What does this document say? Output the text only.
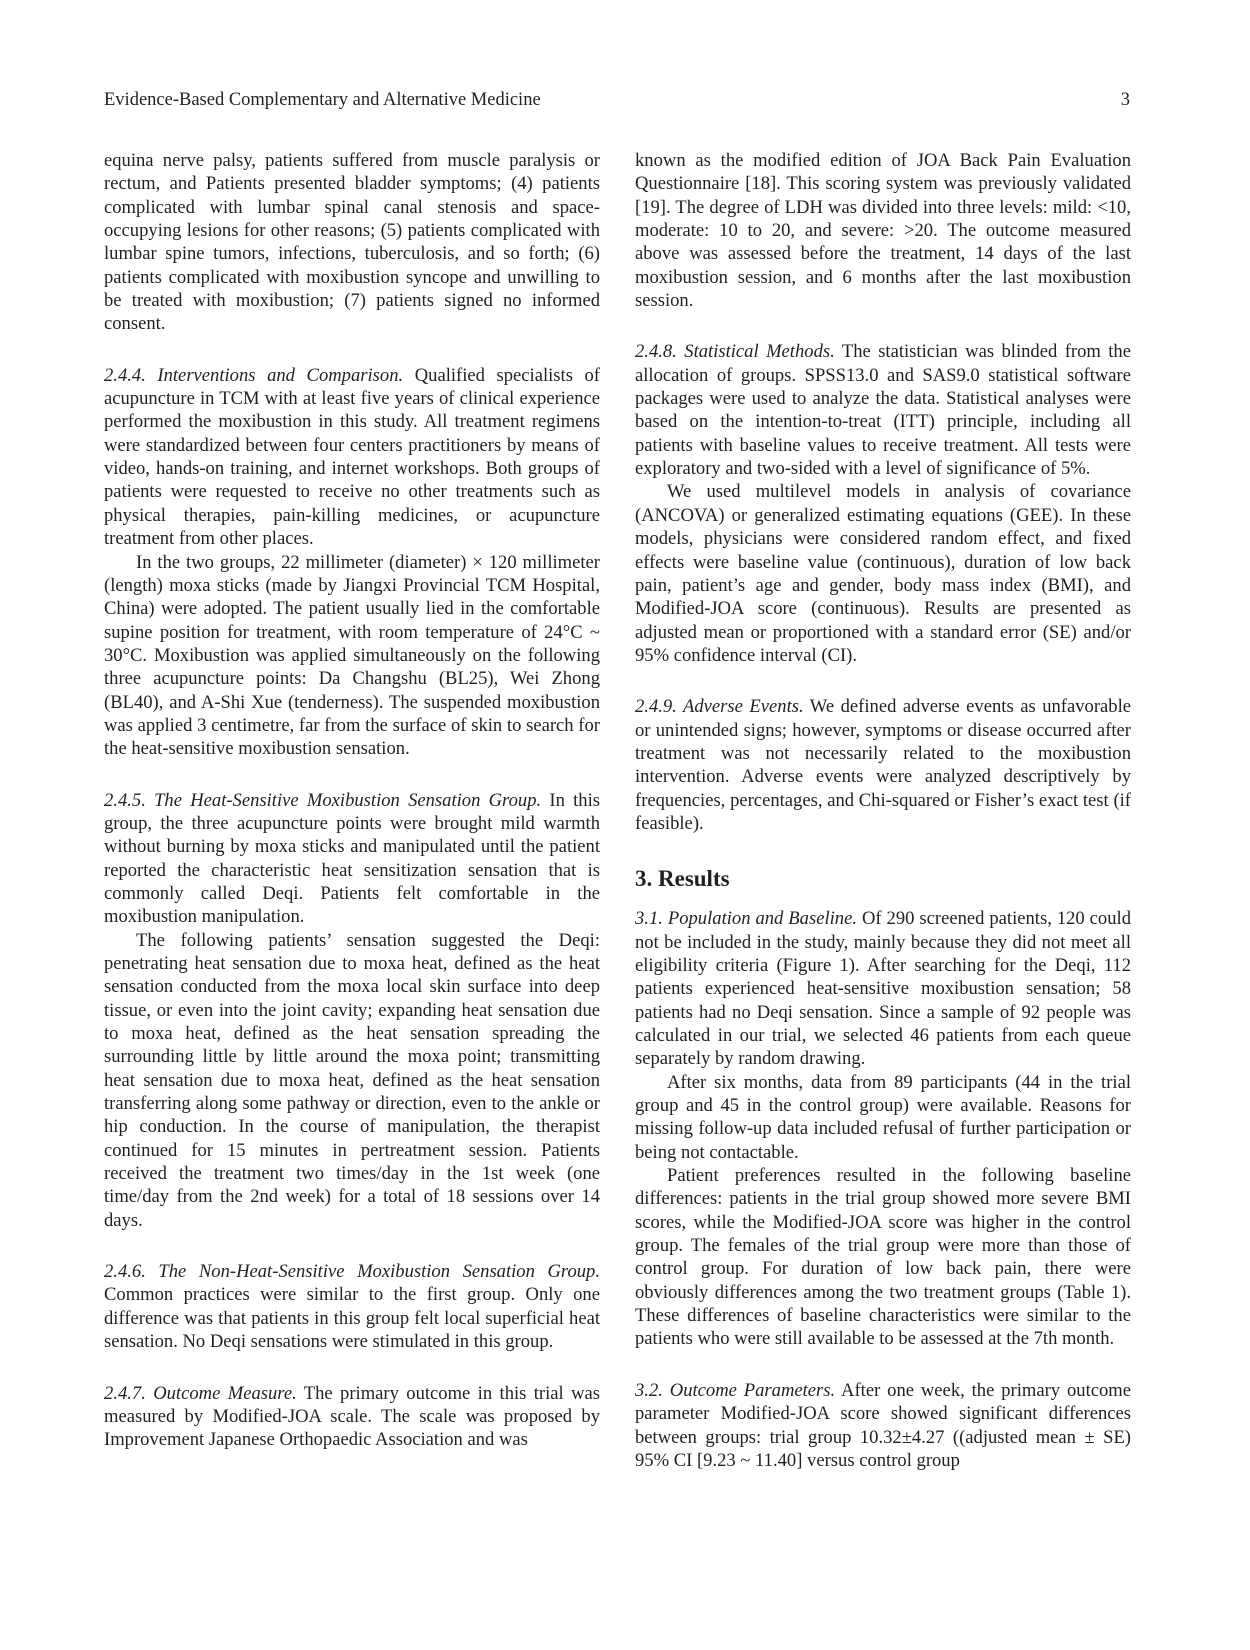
Evidence-Based Complementary and Alternative Medicine	3

equina nerve palsy, patients suffered from muscle paralysis or rectum, and Patients presented bladder symptoms; (4) patients complicated with lumbar spinal canal stenosis and space-occupying lesions for other reasons; (5) patients complicated with lumbar spine tumors, infections, tuberculosis, and so forth; (6) patients complicated with moxibustion syncope and unwilling to be treated with moxibustion; (7) patients signed no informed consent.

2.4.4. Interventions and Comparison. Qualified specialists of acupuncture in TCM with at least five years of clinical experience performed the moxibustion in this study. All treatment regimens were standardized between four centers practitioners by means of video, hands-on training, and internet workshops. Both groups of patients were requested to receive no other treatments such as physical therapies, pain-killing medicines, or acupuncture treatment from other places.

In the two groups, 22 millimeter (diameter) × 120 millimeter (length) moxa sticks (made by Jiangxi Provincial TCM Hospital, China) were adopted. The patient usually lied in the comfortable supine position for treatment, with room temperature of 24°C ~ 30°C. Moxibustion was applied simultaneously on the following three acupuncture points: Da Changshu (BL25), Wei Zhong (BL40), and A-Shi Xue (tenderness). The suspended moxibustion was applied 3 centimetre, far from the surface of skin to search for the heat-sensitive moxibustion sensation.

2.4.5. The Heat-Sensitive Moxibustion Sensation Group. In this group, the three acupuncture points were brought mild warmth without burning by moxa sticks and manipulated until the patient reported the characteristic heat sensitization sensation that is commonly called Deqi. Patients felt comfortable in the moxibustion manipulation.

The following patients’ sensation suggested the Deqi: penetrating heat sensation due to moxa heat, defined as the heat sensation conducted from the moxa local skin surface into deep tissue, or even into the joint cavity; expanding heat sensation due to moxa heat, defined as the heat sensation spreading the surrounding little by little around the moxa point; transmitting heat sensation due to moxa heat, defined as the heat sensation transferring along some pathway or direction, even to the ankle or hip conduction. In the course of manipulation, the therapist continued for 15 minutes in pertreatment session. Patients received the treatment two times/day in the 1st week (one time/day from the 2nd week) for a total of 18 sessions over 14 days.

2.4.6. The Non-Heat-Sensitive Moxibustion Sensation Group. Common practices were similar to the first group. Only one difference was that patients in this group felt local superficial heat sensation. No Deqi sensations were stimulated in this group.

2.4.7. Outcome Measure. The primary outcome in this trial was measured by Modified-JOA scale. The scale was proposed by Improvement Japanese Orthopaedic Association and was

known as the modified edition of JOA Back Pain Evaluation Questionnaire [18]. This scoring system was previously validated [19]. The degree of LDH was divided into three levels: mild: <10, moderate: 10 to 20, and severe: >20. The outcome measured above was assessed before the treatment, 14 days of the last moxibustion session, and 6 months after the last moxibustion session.

2.4.8. Statistical Methods. The statistician was blinded from the allocation of groups. SPSS13.0 and SAS9.0 statistical software packages were used to analyze the data. Statistical analyses were based on the intention-to-treat (ITT) principle, including all patients with baseline values to receive treatment. All tests were exploratory and two-sided with a level of significance of 5%.

We used multilevel models in analysis of covariance (ANCOVA) or generalized estimating equations (GEE). In these models, physicians were considered random effect, and fixed effects were baseline value (continuous), duration of low back pain, patient’s age and gender, body mass index (BMI), and Modified-JOA score (continuous). Results are presented as adjusted mean or proportioned with a standard error (SE) and/or 95% confidence interval (CI).

2.4.9. Adverse Events. We defined adverse events as unfavorable or unintended signs; however, symptoms or disease occurred after treatment was not necessarily related to the moxibustion intervention. Adverse events were analyzed descriptively by frequencies, percentages, and Chi-squared or Fisher’s exact test (if feasible).

3. Results

3.1. Population and Baseline. Of 290 screened patients, 120 could not be included in the study, mainly because they did not meet all eligibility criteria (Figure 1). After searching for the Deqi, 112 patients experienced heat-sensitive moxibustion sensation; 58 patients had no Deqi sensation. Since a sample of 92 people was calculated in our trial, we selected 46 patients from each queue separately by random drawing.

After six months, data from 89 participants (44 in the trial group and 45 in the control group) were available. Reasons for missing follow-up data included refusal of further participation or being not contactable.

Patient preferences resulted in the following baseline differences: patients in the trial group showed more severe BMI scores, while the Modified-JOA score was higher in the control group. The females of the trial group were more than those of control group. For duration of low back pain, there were obviously differences among the two treatment groups (Table 1). These differences of baseline characteristics were similar to the patients who were still available to be assessed at the 7th month.

3.2. Outcome Parameters. After one week, the primary outcome parameter Modified-JOA score showed significant differences between groups: trial group 10.32±4.27 ((adjusted mean ± SE) 95% CI [9.23 ~ 11.40] versus control group
